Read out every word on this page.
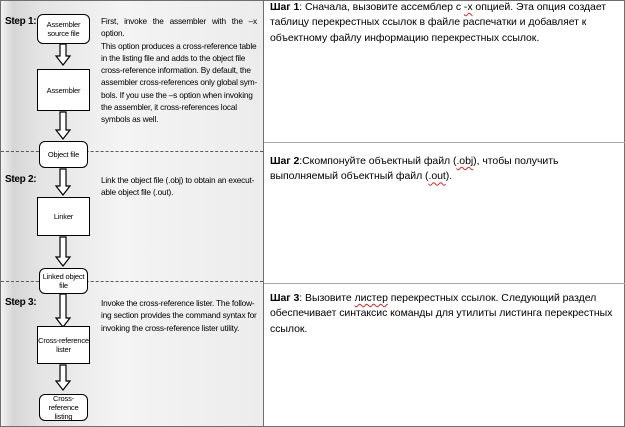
Step 1:
Step 2:
Step 3:
Assembler source file
Assembler
Object file
Linker
Linked object file
Cross-reference lister
Cross-reference listing
First, invoke the assembler with the –x option.
This option produces a cross-reference table
in the listing file and adds to the object file
cross-reference information. By default, the
assembler cross-references only global sym-
bols. If you use the –s option when invoking
the assembler, it cross-references local
symbols as well.
Link the object file (.obj) to obtain an execut-
able object file (.out).
Invoke the cross-reference lister. The follow-
ing section provides the command syntax for
invoking the cross-reference lister utility.
Шаг 1: Сначала, вызовите ассемблер с -x опцией. Эта опция создает таблицу перекрестных ссылок в файле распечатки и добавляет к объектному файлу информацию перекрестных ссылок.
Шаг 2:Скомпонуйте объектный файл (.obj), чтобы получить выполняемый объектный файл (.out).
Шаг 3: Вызовите листер перекрестных ссылок. Следующий раздел обеспечивает синтаксис команды для утилиты листинга перекрестных ссылок.
